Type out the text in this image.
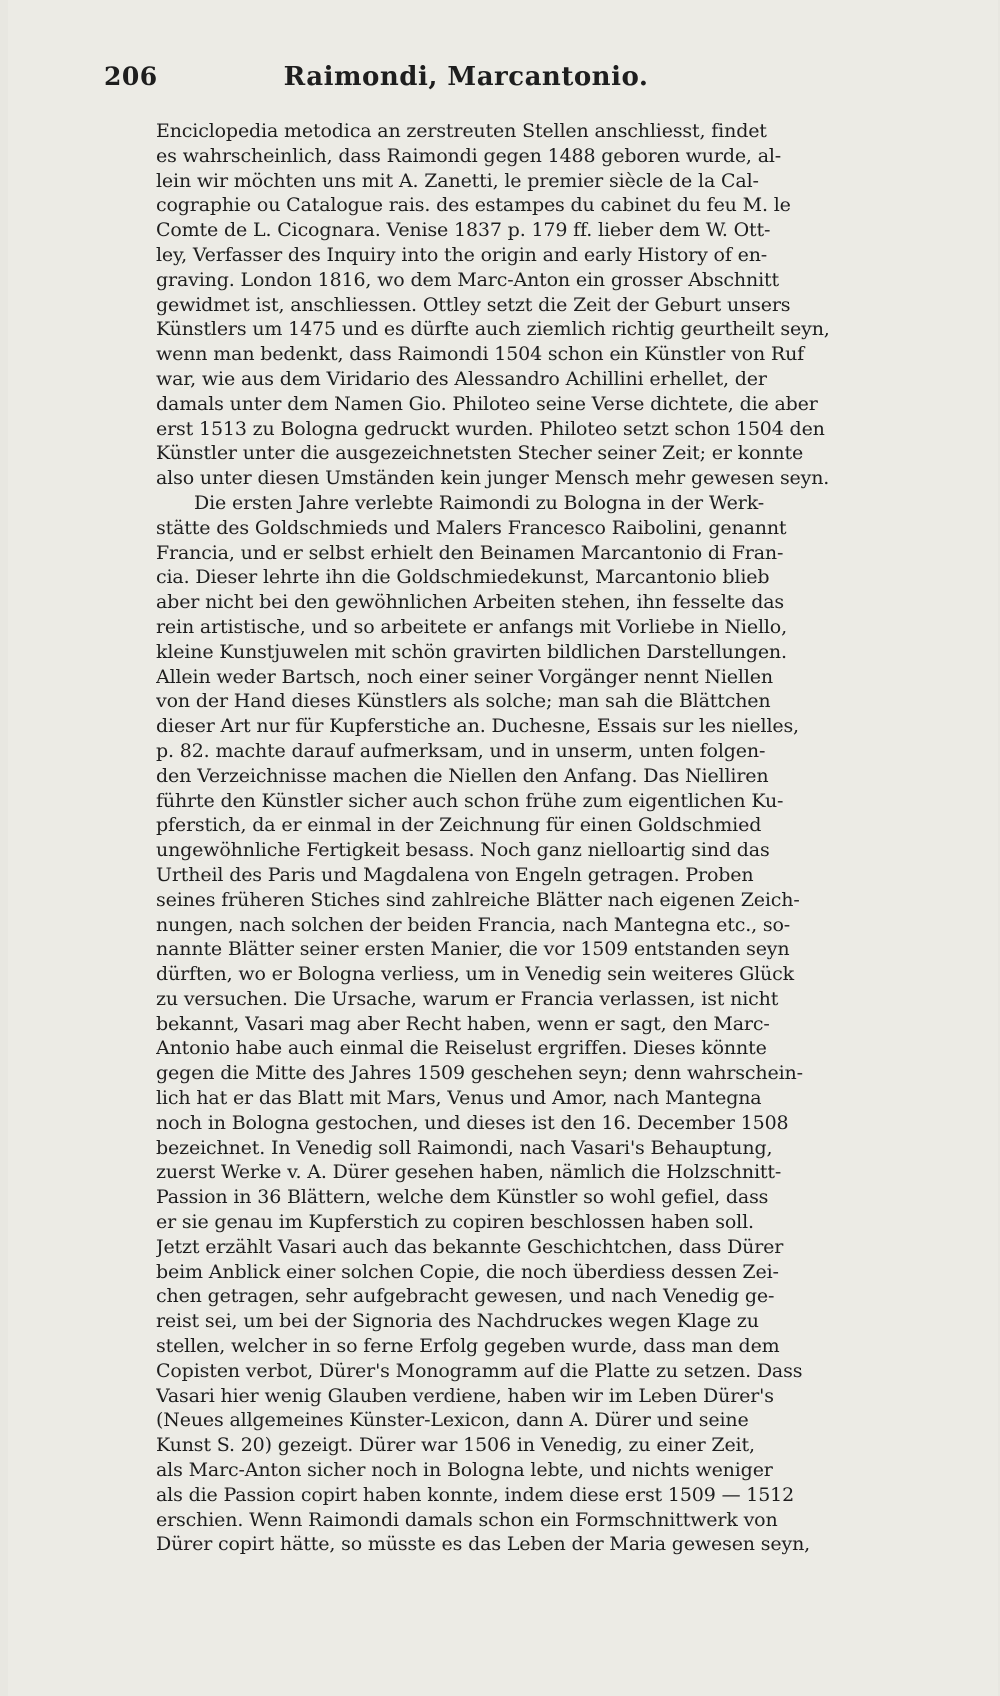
206	Raimondi, Marcantonio.
Enciclopedia metodica an zerstreuten Stellen anschliesst, findet
es wahrscheinlich, dass Raimondi gegen 1488 geboren wurde, al-
lein wir möchten uns mit A. Zanetti, le premier siècle de la Cal-
cographie ou Catalogue rais. des estampes du cabinet du feu M. le
Comte de L. Cicognara. Venise 1837 p. 179 ff. lieber dem W. Ott-
ley, Verfasser des Inquiry into the origin and early History of en-
graving. London 1816, wo dem Marc-Anton ein grosser Abschnitt
gewidmet ist, anschliessen. Ottley setzt die Zeit der Geburt unsers
Künstlers um 1475 und es dürfte auch ziemlich richtig geurtheilt seyn,
wenn man bedenkt, dass Raimondi 1504 schon ein Künstler von Ruf
war, wie aus dem Viridario des Alessandro Achillini erhellet, der
damals unter dem Namen Gio. Philoteo seine Verse dichtete, die aber
erst 1513 zu Bologna gedruckt wurden. Philoteo setzt schon 1504 den
Künstler unter die ausgezeichnetsten Stecher seiner Zeit; er konnte
also unter diesen Umständen kein junger Mensch mehr gewesen seyn.
Die ersten Jahre verlebte Raimondi zu Bologna in der Werk-
stätte des Goldschmieds und Malers Francesco Raibolini, genannt
Francia, und er selbst erhielt den Beinamen Marcantonio di Fran-
cia. Dieser lehrte ihn die Goldschmiedekunst, Marcantonio blieb
aber nicht bei den gewöhnlichen Arbeiten stehen, ihn fesselte das
rein artistische, und so arbeitete er anfangs mit Vorliebe in Niello,
kleine Kunstjuwelen mit schön gravirten bildlichen Darstellungen.
Allein weder Bartsch, noch einer seiner Vorgänger nennt Niellen
von der Hand dieses Künstlers als solche; man sah die Blättchen
dieser Art nur für Kupferstiche an. Duchesne, Essais sur les nielles,
p. 82. machte darauf aufmerksam, und in unserm, unten folgen-
den Verzeichnisse machen die Niellen den Anfang. Das Nielliren
führte den Künstler sicher auch schon frühe zum eigentlichen Ku-
pferstich, da er einmal in der Zeichnung für einen Goldschmied
ungewöhnliche Fertigkeit besass. Noch ganz nielloartig sind das
Urtheil des Paris und Magdalena von Engeln getragen. Proben
seines früheren Stiches sind zahlreiche Blätter nach eigenen Zeich-
nungen, nach solchen der beiden Francia, nach Mantegna etc., so-
nannte Blätter seiner ersten Manier, die vor 1509 entstanden seyn
dürften, wo er Bologna verliess, um in Venedig sein weiteres Glück
zu versuchen. Die Ursache, warum er Francia verlassen, ist nicht
bekannt, Vasari mag aber Recht haben, wenn er sagt, den Marc-
Antonio habe auch einmal die Reiselust ergriffen. Dieses könnte
gegen die Mitte des Jahres 1509 geschehen seyn; denn wahrschein-
lich hat er das Blatt mit Mars, Venus und Amor, nach Mantegna
noch in Bologna gestochen, und dieses ist den 16. December 1508
bezeichnet. In Venedig soll Raimondi, nach Vasari's Behauptung,
zuerst Werke v. A. Dürer gesehen haben, nämlich die Holzschnitt-
Passion in 36 Blättern, welche dem Künstler so wohl gefiel, dass
er sie genau im Kupferstich zu copiren beschlossen haben soll.
Jetzt erzählt Vasari auch das bekannte Geschichtchen, dass Dürer
beim Anblick einer solchen Copie, die noch überdiess dessen Zei-
chen getragen, sehr aufgebracht gewesen, und nach Venedig ge-
reist sei, um bei der Signoria des Nachdruckes wegen Klage zu
stellen, welcher in so ferne Erfolg gegeben wurde, dass man dem
Copisten verbot, Dürer's Monogramm auf die Platte zu setzen. Dass
Vasari hier wenig Glauben verdiene, haben wir im Leben Dürer's
(Neues allgemeines Künster-Lexicon, dann A. Dürer und seine
Kunst S. 20) gezeigt. Dürer war 1506 in Venedig, zu einer Zeit,
als Marc-Anton sicher noch in Bologna lebte, und nichts weniger
als die Passion copirt haben konnte, indem diese erst 1509 — 1512
erschien. Wenn Raimondi damals schon ein Formschnittwerk von
Dürer copirt hätte, so müsste es das Leben der Maria gewesen seyn,
